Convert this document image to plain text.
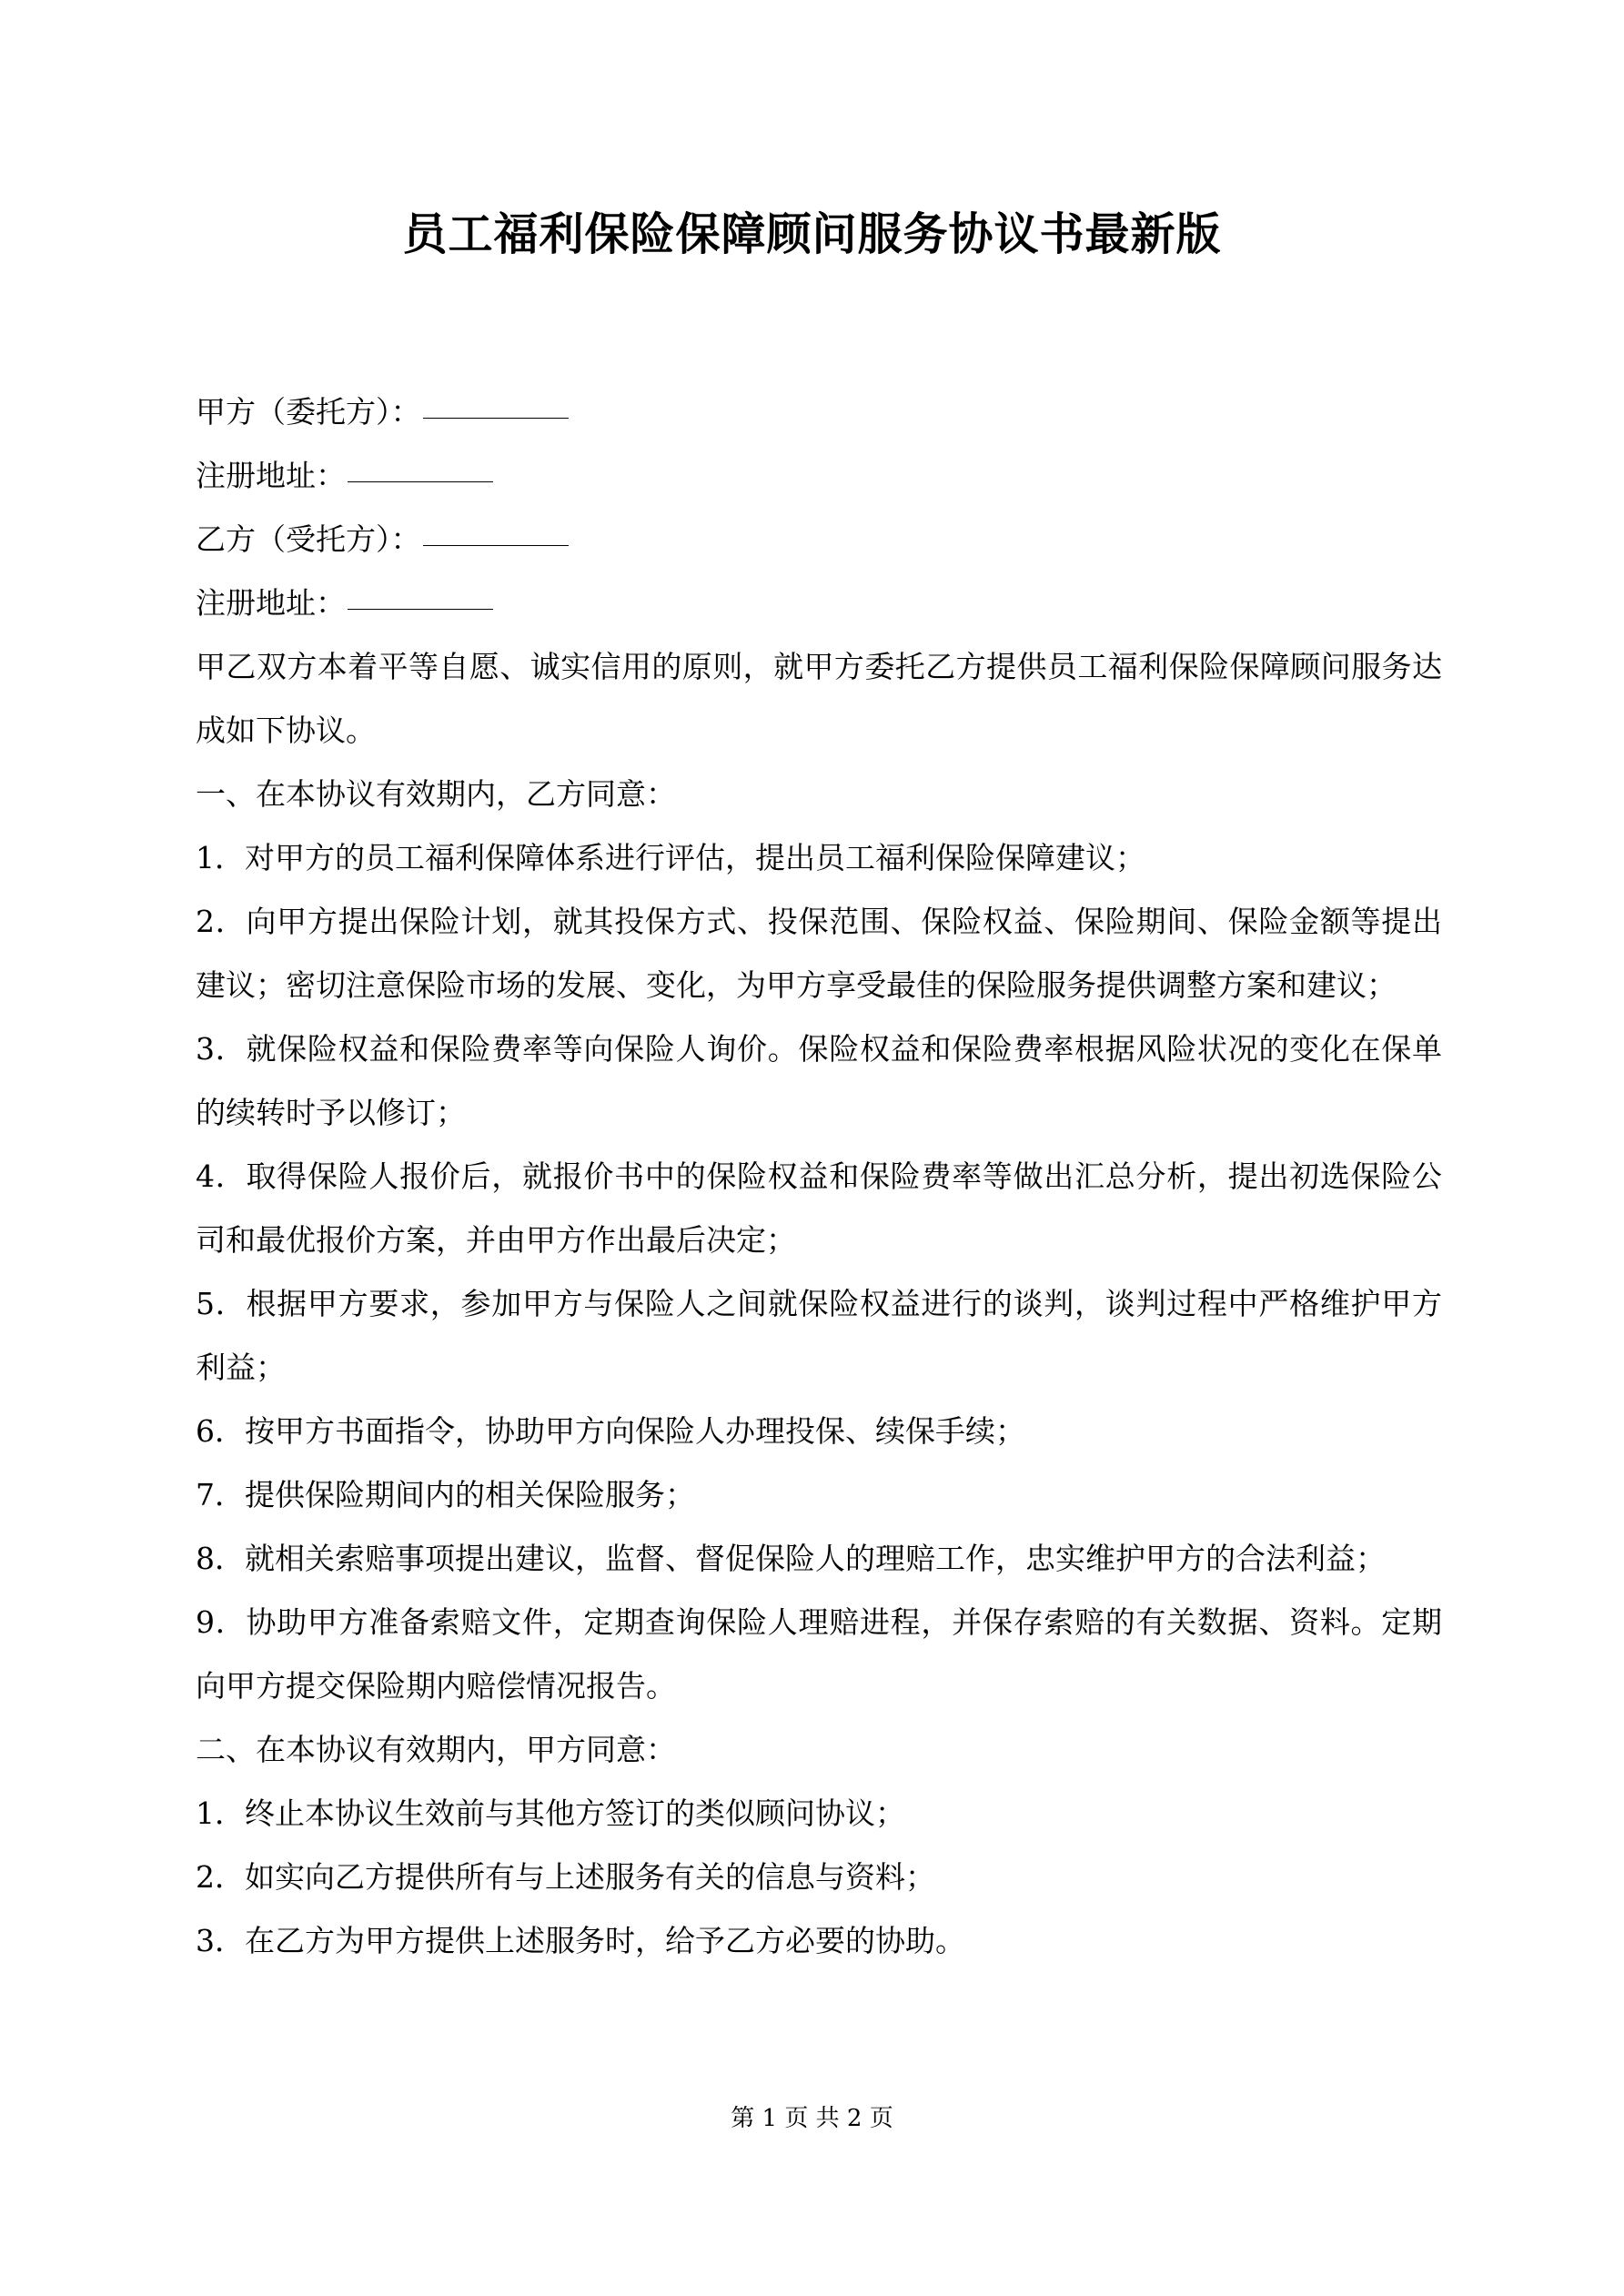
员工福利保险保障顾问服务协议书最新版

甲方（委托方）：

注册地址：

乙方（受托方）：

注册地址：

甲乙双方本着平等自愿、诚实信用的原则，就甲方委托乙方提供员工福利保险保障顾问服务达成如下协议。

一、在本协议有效期内，乙方同意：

1．对甲方的员工福利保障体系进行评估，提出员工福利保险保障建议；

2．向甲方提出保险计划，就其投保方式、投保范围、保险权益、保险期间、保险金额等提出建议；密切注意保险市场的发展、变化，为甲方享受最佳的保险服务提供调整方案和建议；

3．就保险权益和保险费率等向保险人询价。保险权益和保险费率根据风险状况的变化在保单的续转时予以修订；

4．取得保险人报价后，就报价书中的保险权益和保险费率等做出汇总分析，提出初选保险公司和最优报价方案，并由甲方作出最后决定；

5．根据甲方要求，参加甲方与保险人之间就保险权益进行的谈判，谈判过程中严格维护甲方利益；

6．按甲方书面指令，协助甲方向保险人办理投保、续保手续；

7．提供保险期间内的相关保险服务；

8．就相关索赔事项提出建议，监督、督促保险人的理赔工作，忠实维护甲方的合法利益；

9．协助甲方准备索赔文件，定期查询保险人理赔进程，并保存索赔的有关数据、资料。定期向甲方提交保险期内赔偿情况报告。

二、在本协议有效期内，甲方同意：

1．终止本协议生效前与其他方签订的类似顾问协议；

2．如实向乙方提供所有与上述服务有关的信息与资料；

3．在乙方为甲方提供上述服务时，给予乙方必要的协助。

第 1 页 共 2 页
